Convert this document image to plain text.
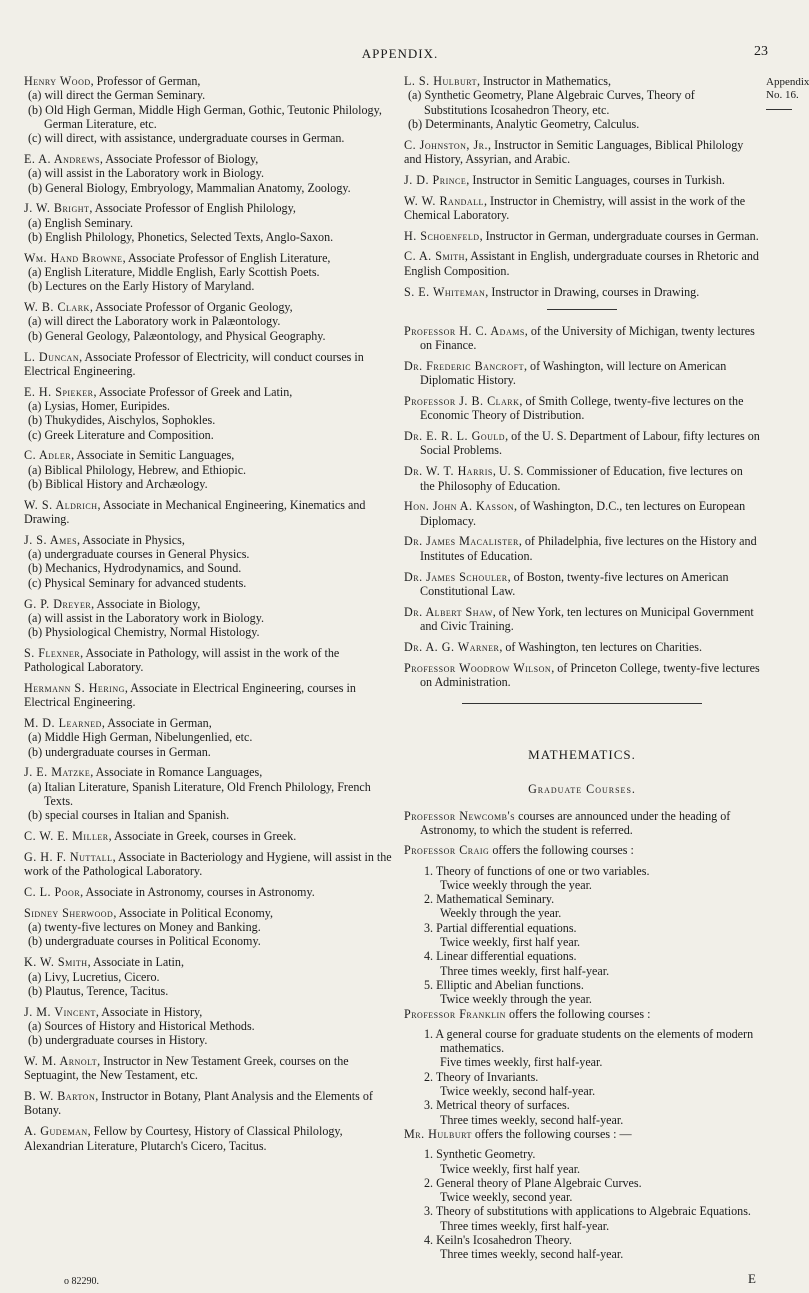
APPENDIX.	23
Appendix
No. 16.
Henry Wood, Professor of German,
(a) will direct the German Seminary.
(b) Old High German, Middle High German, Gothic, Teutonic Philology, German Literature, etc.
(c) will direct, with assistance, undergraduate courses in German.
E. A. Andrews, Associate Professor of Biology,
(a) will assist in the Laboratory work in Biology.
(b) General Biology, Embryology, Mammalian Anatomy, Zoology.
J. W. Bright, Associate Professor of English Philology,
(a) English Seminary.
(b) English Philology, Phonetics, Selected Texts, Anglo-Saxon.
Wm. Hand Browne, Associate Professor of English Literature,
(a) English Literature, Middle English, Early Scottish Poets.
(b) Lectures on the Early History of Maryland.
W. B. Clark, Associate Professor of Organic Geology,
(a) will direct the Laboratory work in Palæontology.
(b) General Geology, Palæontology, and Physical Geography.
L. Duncan, Associate Professor of Electricity, will conduct courses in Electrical Engineering.
E. H. Spieker, Associate Professor of Greek and Latin,
(a) Lysias, Homer, Euripides.
(b) Thukydides, Aischylos, Sophokles.
(c) Greek Literature and Composition.
C. Adler, Associate in Semitic Languages,
(a) Biblical Philology, Hebrew, and Ethiopic.
(b) Biblical History and Archæology.
W. S. Aldrich, Associate in Mechanical Engineering, Kinematics and Drawing.
J. S. Ames, Associate in Physics,
(a) undergraduate courses in General Physics.
(b) Mechanics, Hydrodynamics, and Sound.
(c) Physical Seminary for advanced students.
G. P. Dreyer, Associate in Biology,
(a) will assist in the Laboratory work in Biology.
(b) Physiological Chemistry, Normal Histology.
S. Flexner, Associate in Pathology, will assist in the work of the Pathological Laboratory.
Hermann S. Hering, Associate in Electrical Engineering, courses in Electrical Engineering.
M. D. Learned, Associate in German,
(a) Middle High German, Nibelungenlied, etc.
(b) undergraduate courses in German.
J. E. Matzke, Associate in Romance Languages,
(a) Italian Literature, Spanish Literature, Old French Philology, French Texts.
(b) special courses in Italian and Spanish.
C. W. E. Miller, Associate in Greek, courses in Greek.
G. H. F. Nuttall, Associate in Bacteriology and Hygiene, will assist in the work of the Pathological Laboratory.
C. L. Poor, Associate in Astronomy, courses in Astronomy.
Sidney Sherwood, Associate in Political Economy,
(a) twenty-five lectures on Money and Banking.
(b) undergraduate courses in Political Economy.
K. W. Smith, Associate in Latin,
(a) Livy, Lucretius, Cicero.
(b) Plautus, Terence, Tacitus.
J. M. Vincent, Associate in History,
(a) Sources of History and Historical Methods.
(b) undergraduate courses in History.
W. M. Arnolt, Instructor in New Testament Greek, courses on the Septuagint, the New Testament, etc.
B. W. Barton, Instructor in Botany, Plant Analysis and the Elements of Botany.
A. Gudeman, Fellow by Courtesy, History of Classical Philology, Alexandrian Literature, Plutarch's Cicero, Tacitus.
L. S. Hulburt, Instructor in Mathematics,
(a) Synthetic Geometry, Plane Algebraic Curves, Theory of Substitutions Icosahedron Theory, etc.
(b) Determinants, Analytic Geometry, Calculus.
C. Johnston, Jr., Instructor in Semitic Languages, Biblical Philology and History, Assyrian, and Arabic.
J. D. Prince, Instructor in Semitic Languages, courses in Turkish.
W. W. Randall, Instructor in Chemistry, will assist in the work of the Chemical Laboratory.
H. Schoenfeld, Instructor in German, undergraduate courses in German.
C. A. Smith, Assistant in English, undergraduate courses in Rhetoric and English Composition.
S. E. Whiteman, Instructor in Drawing, courses in Drawing.
Professor H. C. Adams, of the University of Michigan, twenty lectures on Finance.
Dr. Frederic Bancroft, of Washington, will lecture on American Diplomatic History.
Professor J. B. Clark, of Smith College, twenty-five lectures on the Economic Theory of Distribution.
Dr. E. R. L. Gould, of the U. S. Department of Labour, fifty lectures on Social Problems.
Dr. W. T. Harris, U. S. Commissioner of Education, five lectures on the Philosophy of Education.
Hon. John A. Kasson, of Washington, D.C., ten lectures on European Diplomacy.
Dr. James Macalister, of Philadelphia, five lectures on the History and Institutes of Education.
Dr. James Schouler, of Boston, twenty-five lectures on American Constitutional Law.
Dr. Albert Shaw, of New York, ten lectures on Municipal Government and Civic Training.
Dr. A. G. Warner, of Washington, ten lectures on Charities.
Professor Woodrow Wilson, of Princeton College, twenty-five lectures on Administration.
MATHEMATICS.
Graduate Courses.
Professor Newcomb's courses are announced under the heading of Astronomy, to which the student is referred.
Professor Craig offers the following courses :
1. Theory of functions of one or two variables.
Twice weekly through the year.
2. Mathematical Seminary.
Weekly through the year.
3. Partial differential equations.
Twice weekly, first half year.
4. Linear differential equations.
Three times weekly, first half-year.
5. Elliptic and Abelian functions.
Twice weekly through the year.
Professor Franklin offers the following courses :
1. A general course for graduate students on the elements of modern mathematics.
Five times weekly, first half-year.
2. Theory of Invariants.
Twice weekly, second half-year.
3. Metrical theory of surfaces.
Three times weekly, second half-year.
Mr. Hulburt offers the following courses : —
1. Synthetic Geometry.
Twice weekly, first half year.
2. General theory of Plane Algebraic Curves.
Twice weekly, second year.
3. Theory of substitutions with applications to Algebraic Equations.
Three times weekly, first half-year.
4. Keiln's Icosahedron Theory.
Three times weekly, second half-year.
o 82290.	E
